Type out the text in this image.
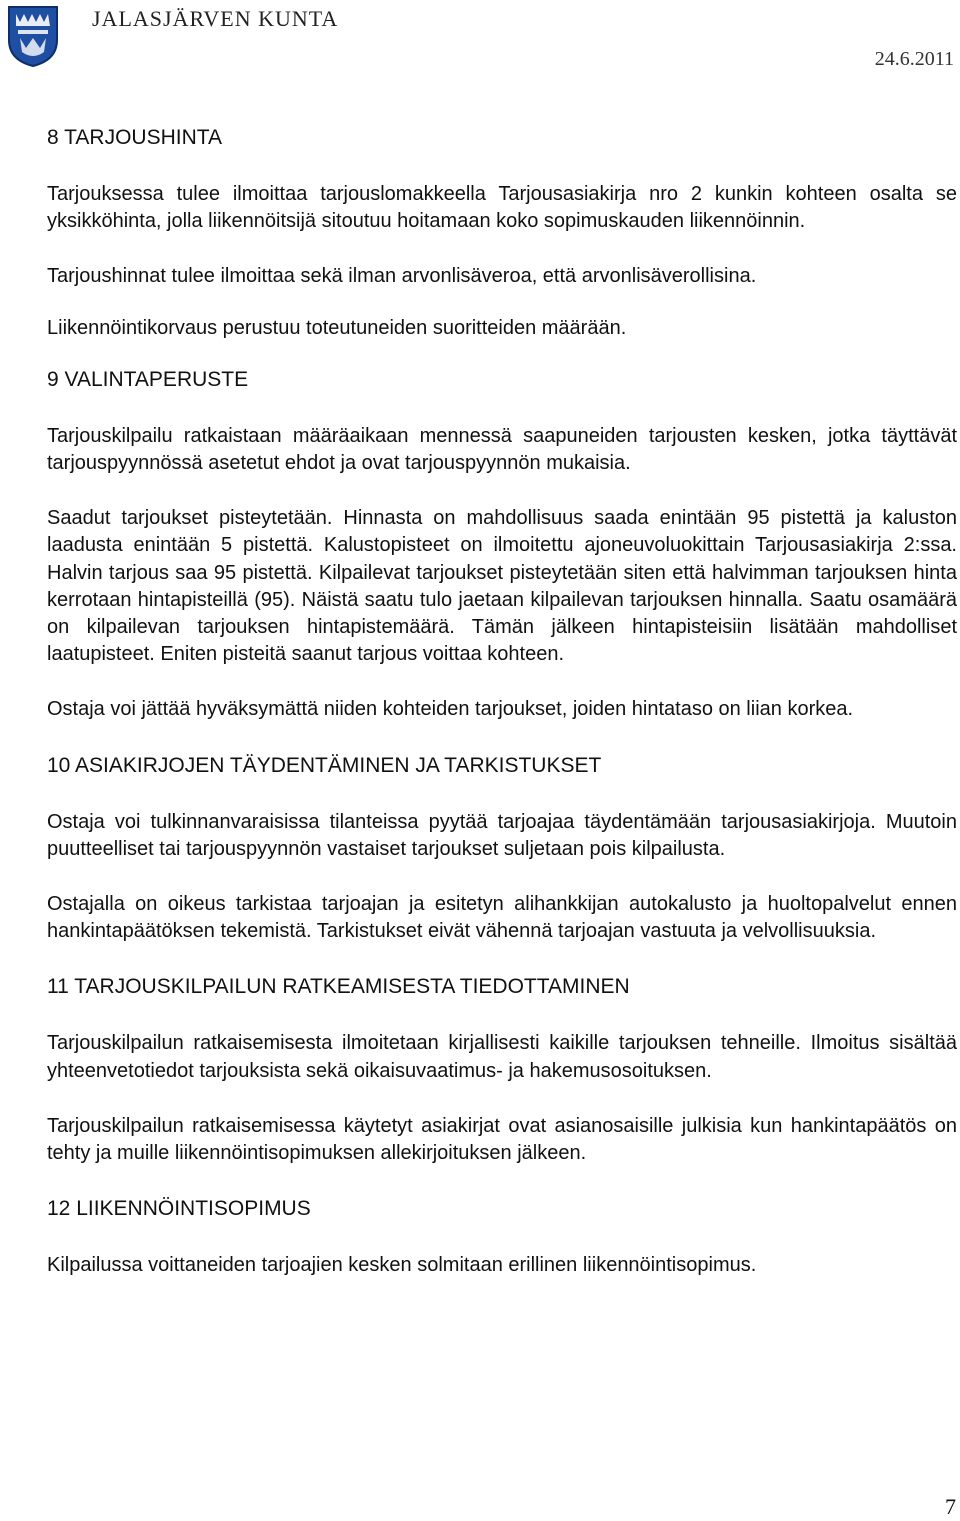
JALASJÄRVEN KUNTA
24.6.2011
8 TARJOUSHINTA

Tarjouksessa tulee ilmoittaa tarjouslomakkeella Tarjousasiakirja nro 2 kunkin kohteen osalta se yksikköhinta, jolla liikennöitsijä sitoutuu hoitamaan koko sopimuskauden liikennöinnin.

Tarjoushinnat tulee ilmoittaa sekä ilman arvonlisäveroa, että arvonlisäverollisina.

Liikennöintikorvaus perustuu toteutuneiden suoritteiden määrään.

9 VALINTAPERUSTE

Tarjouskilpailu ratkaistaan määräaikaan mennessä saapuneiden tarjousten kesken, jotka täyttävät tarjouspyynnössä asetetut ehdot ja ovat tarjouspyynnön mukaisia.

Saadut tarjoukset pisteytetään. Hinnasta on mahdollisuus saada enintään 95 pistettä ja kaluston laadusta enintään 5 pistettä. Kalustopisteet on ilmoitettu ajoneuvoluokittain Tarjousasiakirja 2:ssa. Halvin tarjous saa 95 pistettä. Kilpailevat tarjoukset pisteytetään siten että halvimman tarjouksen hinta kerrotaan hintapisteillä (95). Näistä saatu tulo jaetaan kilpailevan tarjouksen hinnalla. Saatu osamäärä on kilpailevan tarjouksen hintapistemäärä. Tämän jälkeen hintapisteisiin lisätään mahdolliset laatupisteet. Eniten pisteitä saanut tarjous voittaa kohteen.

Ostaja voi jättää hyväksymättä niiden kohteiden tarjoukset, joiden hintataso on liian korkea.

10 ASIAKIRJOJEN TÄYDENTÄMINEN JA TARKISTUKSET

Ostaja voi tulkinnanvaraisissa tilanteissa pyytää tarjoajaa täydentämään tarjousasiakirjoja. Muutoin puutteelliset tai tarjouspyynnön vastaiset tarjoukset suljetaan pois kilpailusta.

Ostajalla on oikeus tarkistaa tarjoajan ja esitetyn alihankkijan autokalusto ja huoltopalvelut ennen hankintapäätöksen tekemistä. Tarkistukset eivät vähennä tarjoajan vastuuta ja velvollisuuksia.

11 TARJOUSKILPAILUN RATKEAMISESTA TIEDOTTAMINEN

Tarjouskilpailun ratkaisemisesta ilmoitetaan kirjallisesti kaikille tarjouksen tehneille. Ilmoitus sisältää yhteenvetotiedot tarjouksista sekä oikaisuvaatimus- ja hakemusosoituksen.

Tarjouskilpailun ratkaisemisessa käytetyt asiakirjat ovat asianosaisille julkisia kun hankintapäätös on tehty ja muille liikennöintisopimuksen allekirjoituksen jälkeen.

12 LIIKENNÖINTISOPIMUS

Kilpailussa voittaneiden tarjoajien kesken solmitaan erillinen liikennöintisopimus.

7
